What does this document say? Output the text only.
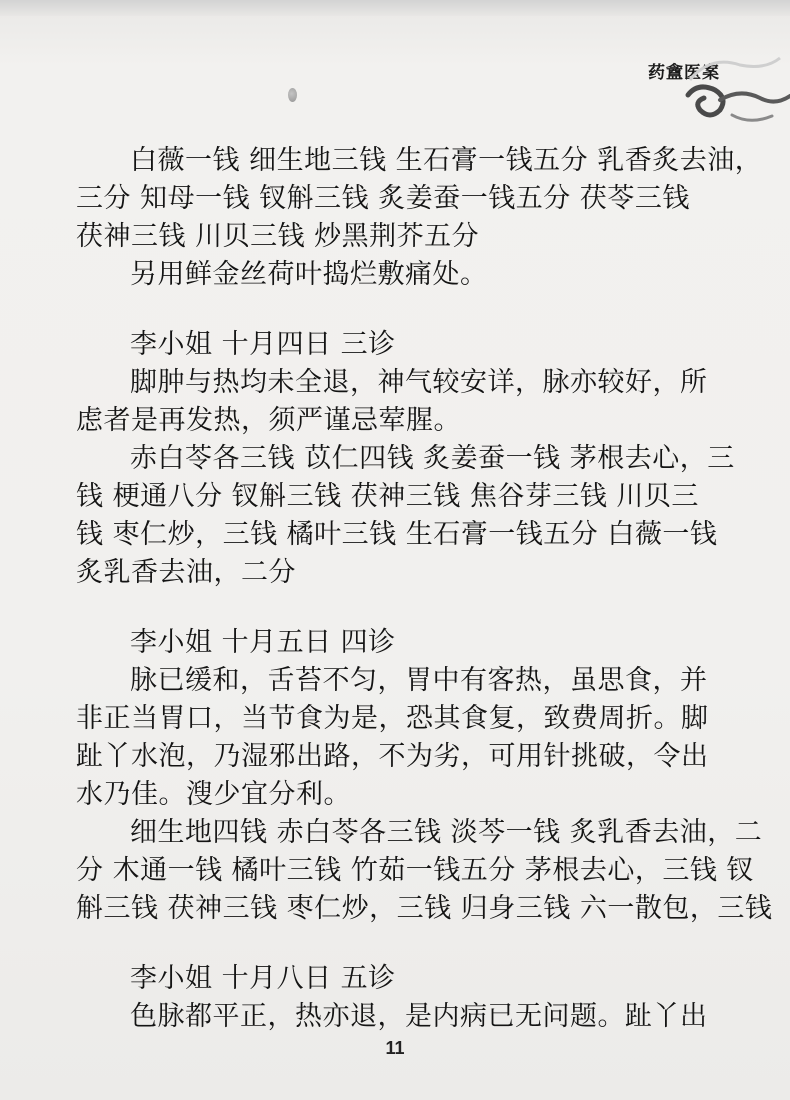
药盦医案
白薇一钱 细生地三钱 生石膏一钱五分 乳香炙去油，
三分 知母一钱 钗斛三钱 炙姜蚕一钱五分 茯苓三钱
茯神三钱 川贝三钱 炒黑荆芥五分
另用鲜金丝荷叶捣烂敷痛处。
李小姐 十月四日 三诊
脚肿与热均未全退，神气较安详，脉亦较好，所
虑者是再发热，须严谨忌荤腥。
赤白苓各三钱 苡仁四钱 炙姜蚕一钱 茅根去心，三
钱 梗通八分 钗斛三钱 茯神三钱 焦谷芽三钱 川贝三
钱 枣仁炒，三钱 橘叶三钱 生石膏一钱五分 白薇一钱
炙乳香去油，二分
李小姐 十月五日 四诊
脉已缓和，舌苔不匀，胃中有客热，虽思食，并
非正当胃口，当节食为是，恐其食复，致费周折。脚
趾丫水泡，乃湿邪出路，不为劣，可用针挑破，令出
水乃佳。溲少宜分利。
细生地四钱 赤白苓各三钱 淡芩一钱 炙乳香去油，二
分 木通一钱 橘叶三钱 竹茹一钱五分 茅根去心，三钱 钗
斛三钱 茯神三钱 枣仁炒，三钱 归身三钱 六一散包，三钱
李小姐 十月八日 五诊
色脉都平正，热亦退，是内病已无问题。趾丫出
11
